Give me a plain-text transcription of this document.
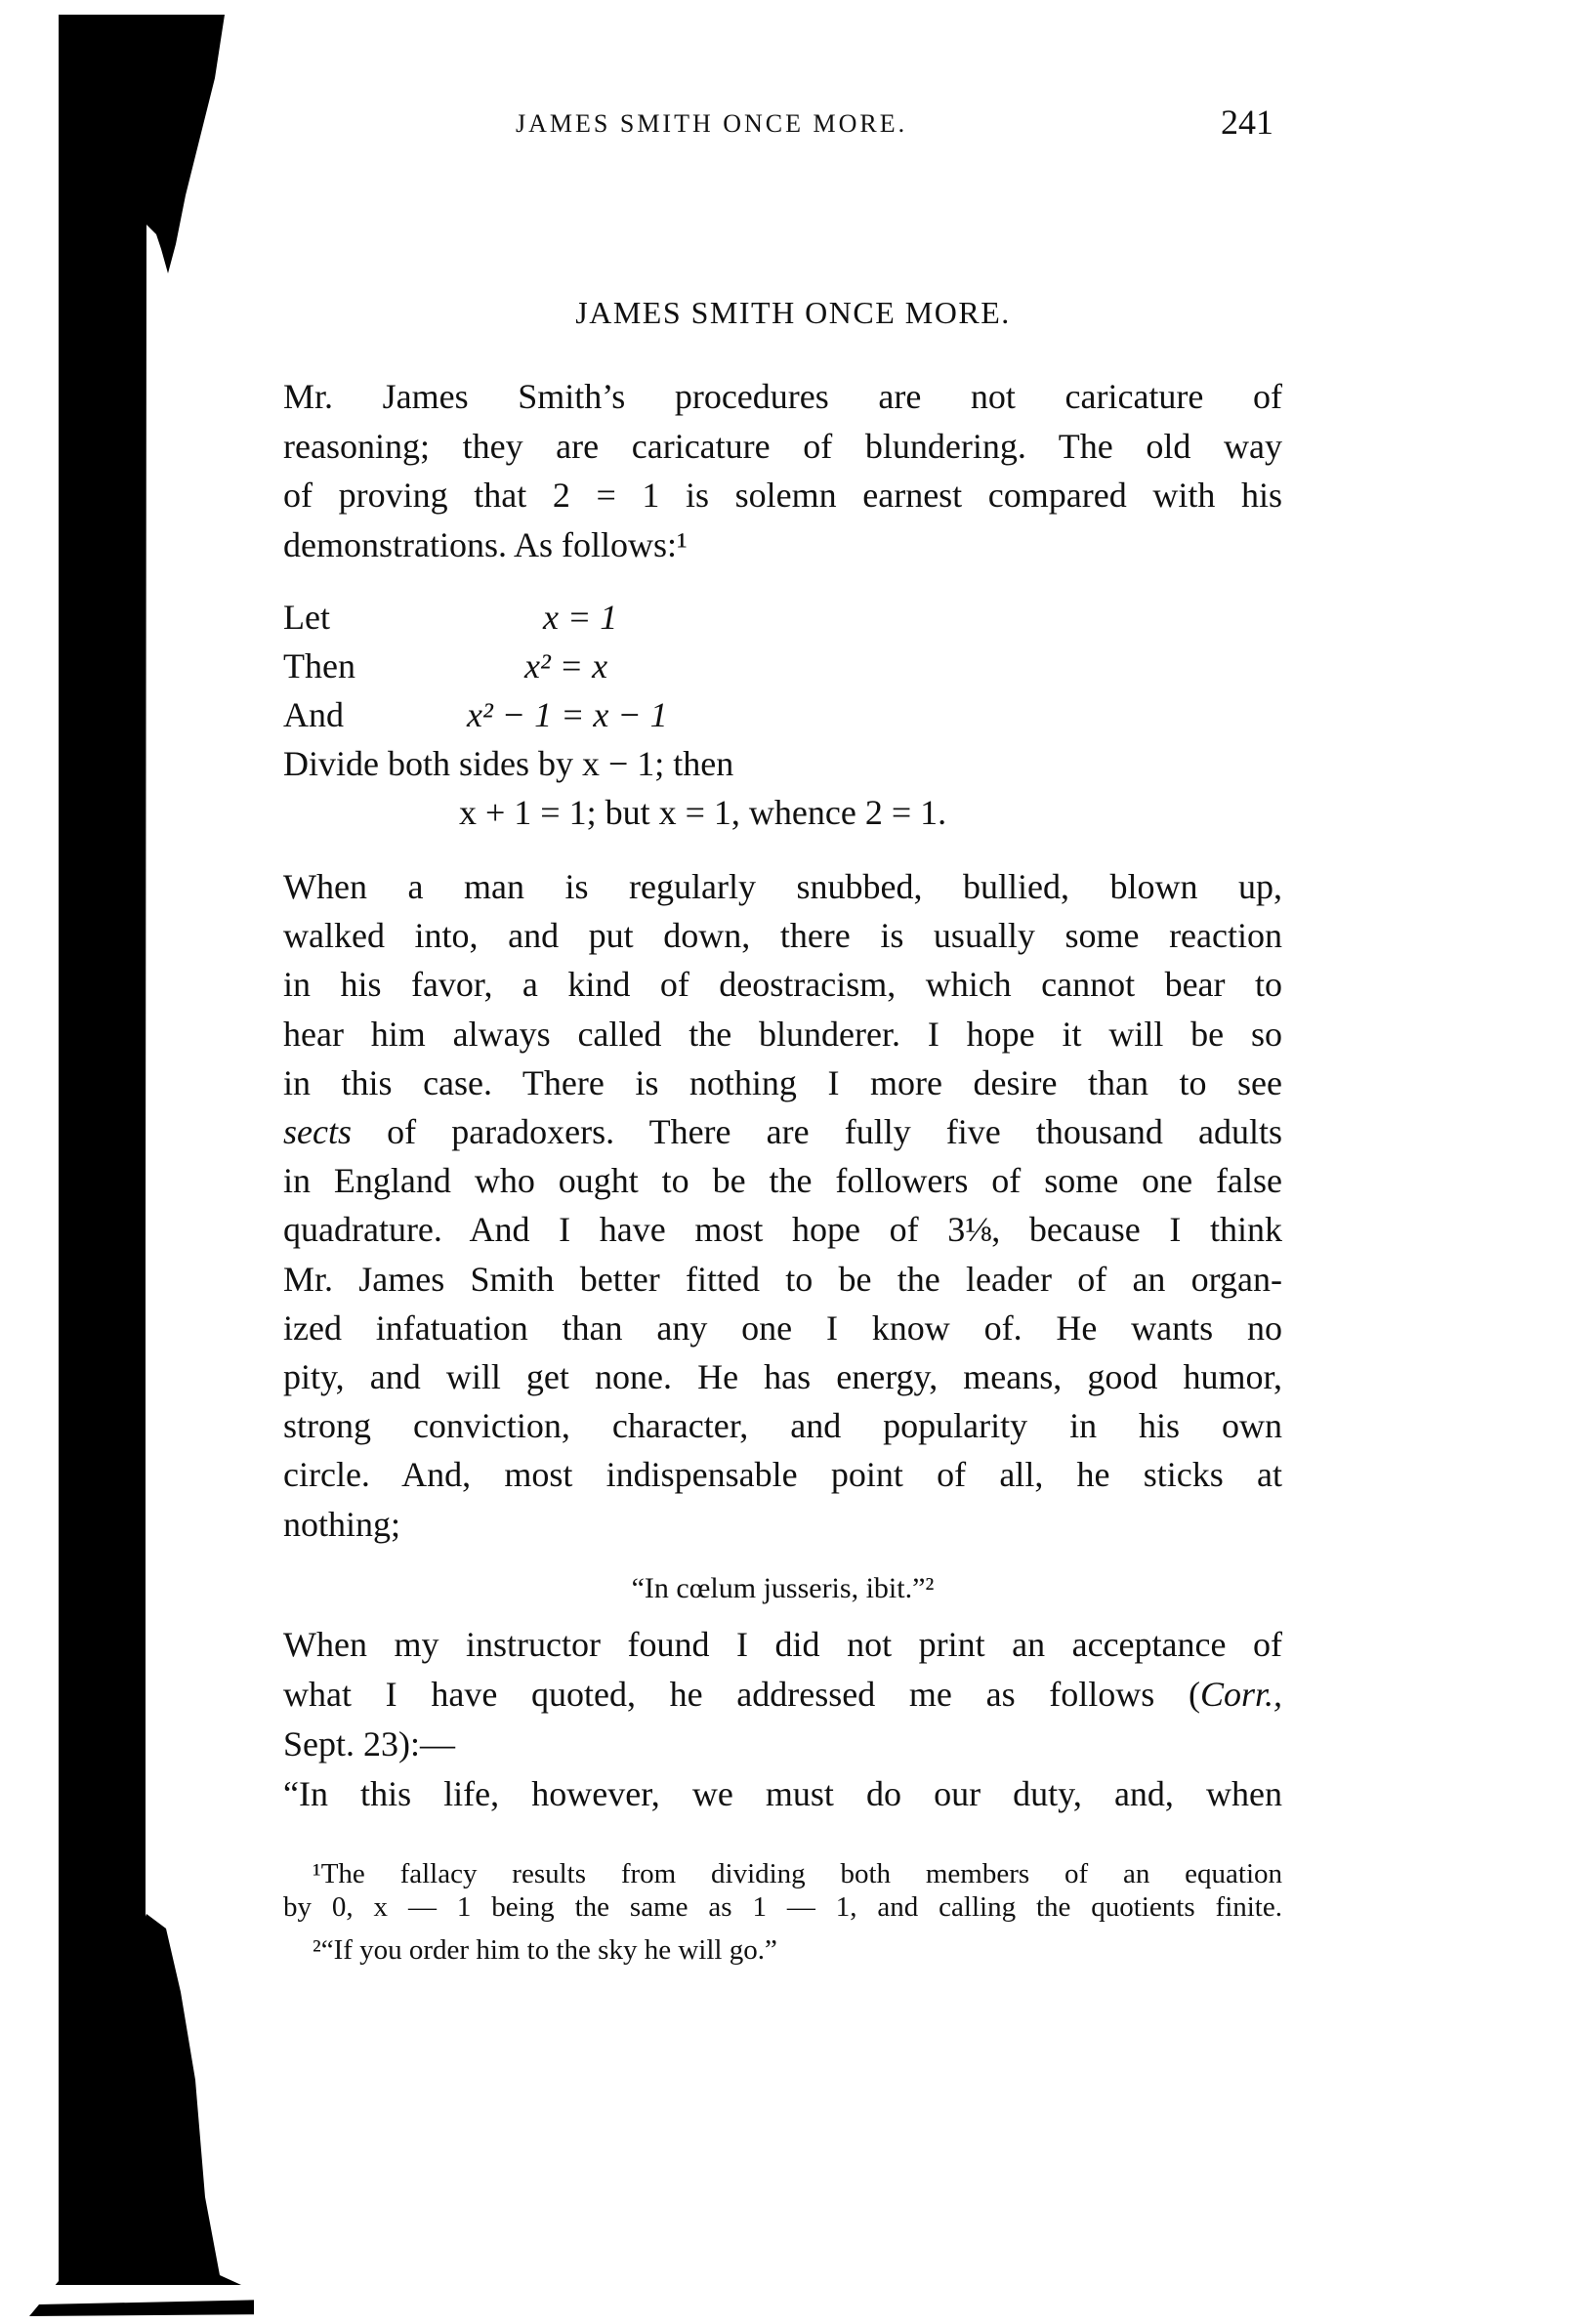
JAMES SMITH ONCE MORE.	241
JAMES SMITH ONCE MORE.
Mr. James Smith’s procedures are not caricature of
reasoning; they are caricature of blundering. The old way
of proving that 2 = 1 is solemn earnest compared with his
demonstrations. As follows:¹
Let	x = 1
Then	x² = x
And	x² − 1 = x − 1
Divide both sides by x − 1; then
x + 1 = 1; but x = 1, whence 2 = 1.
When a man is regularly snubbed, bullied, blown up,
walked into, and put down, there is usually some reaction
in his favor, a kind of deostracism, which cannot bear to
hear him always called the blunderer. I hope it will be so
in this case. There is nothing I more desire than to see
sects of paradoxers. There are fully five thousand adults
in England who ought to be the followers of some one false
quadrature. And I have most hope of 3⅛, because I think
Mr. James Smith better fitted to be the leader of an organ-
ized infatuation than any one I know of. He wants no
pity, and will get none. He has energy, means, good humor,
strong conviction, character, and popularity in his own
circle. And, most indispensable point of all, he sticks at
nothing;
“In cœlum jusseris, ibit.”²
When my instructor found I did not print an acceptance of
what I have quoted, he addressed me as follows (Corr.,
Sept. 23):—
“In this life, however, we must do our duty, and, when
¹The fallacy results from dividing both members of an equation
by 0, x — 1 being the same as 1 — 1, and calling the quotients finite.
²“If you order him to the sky he will go.”
